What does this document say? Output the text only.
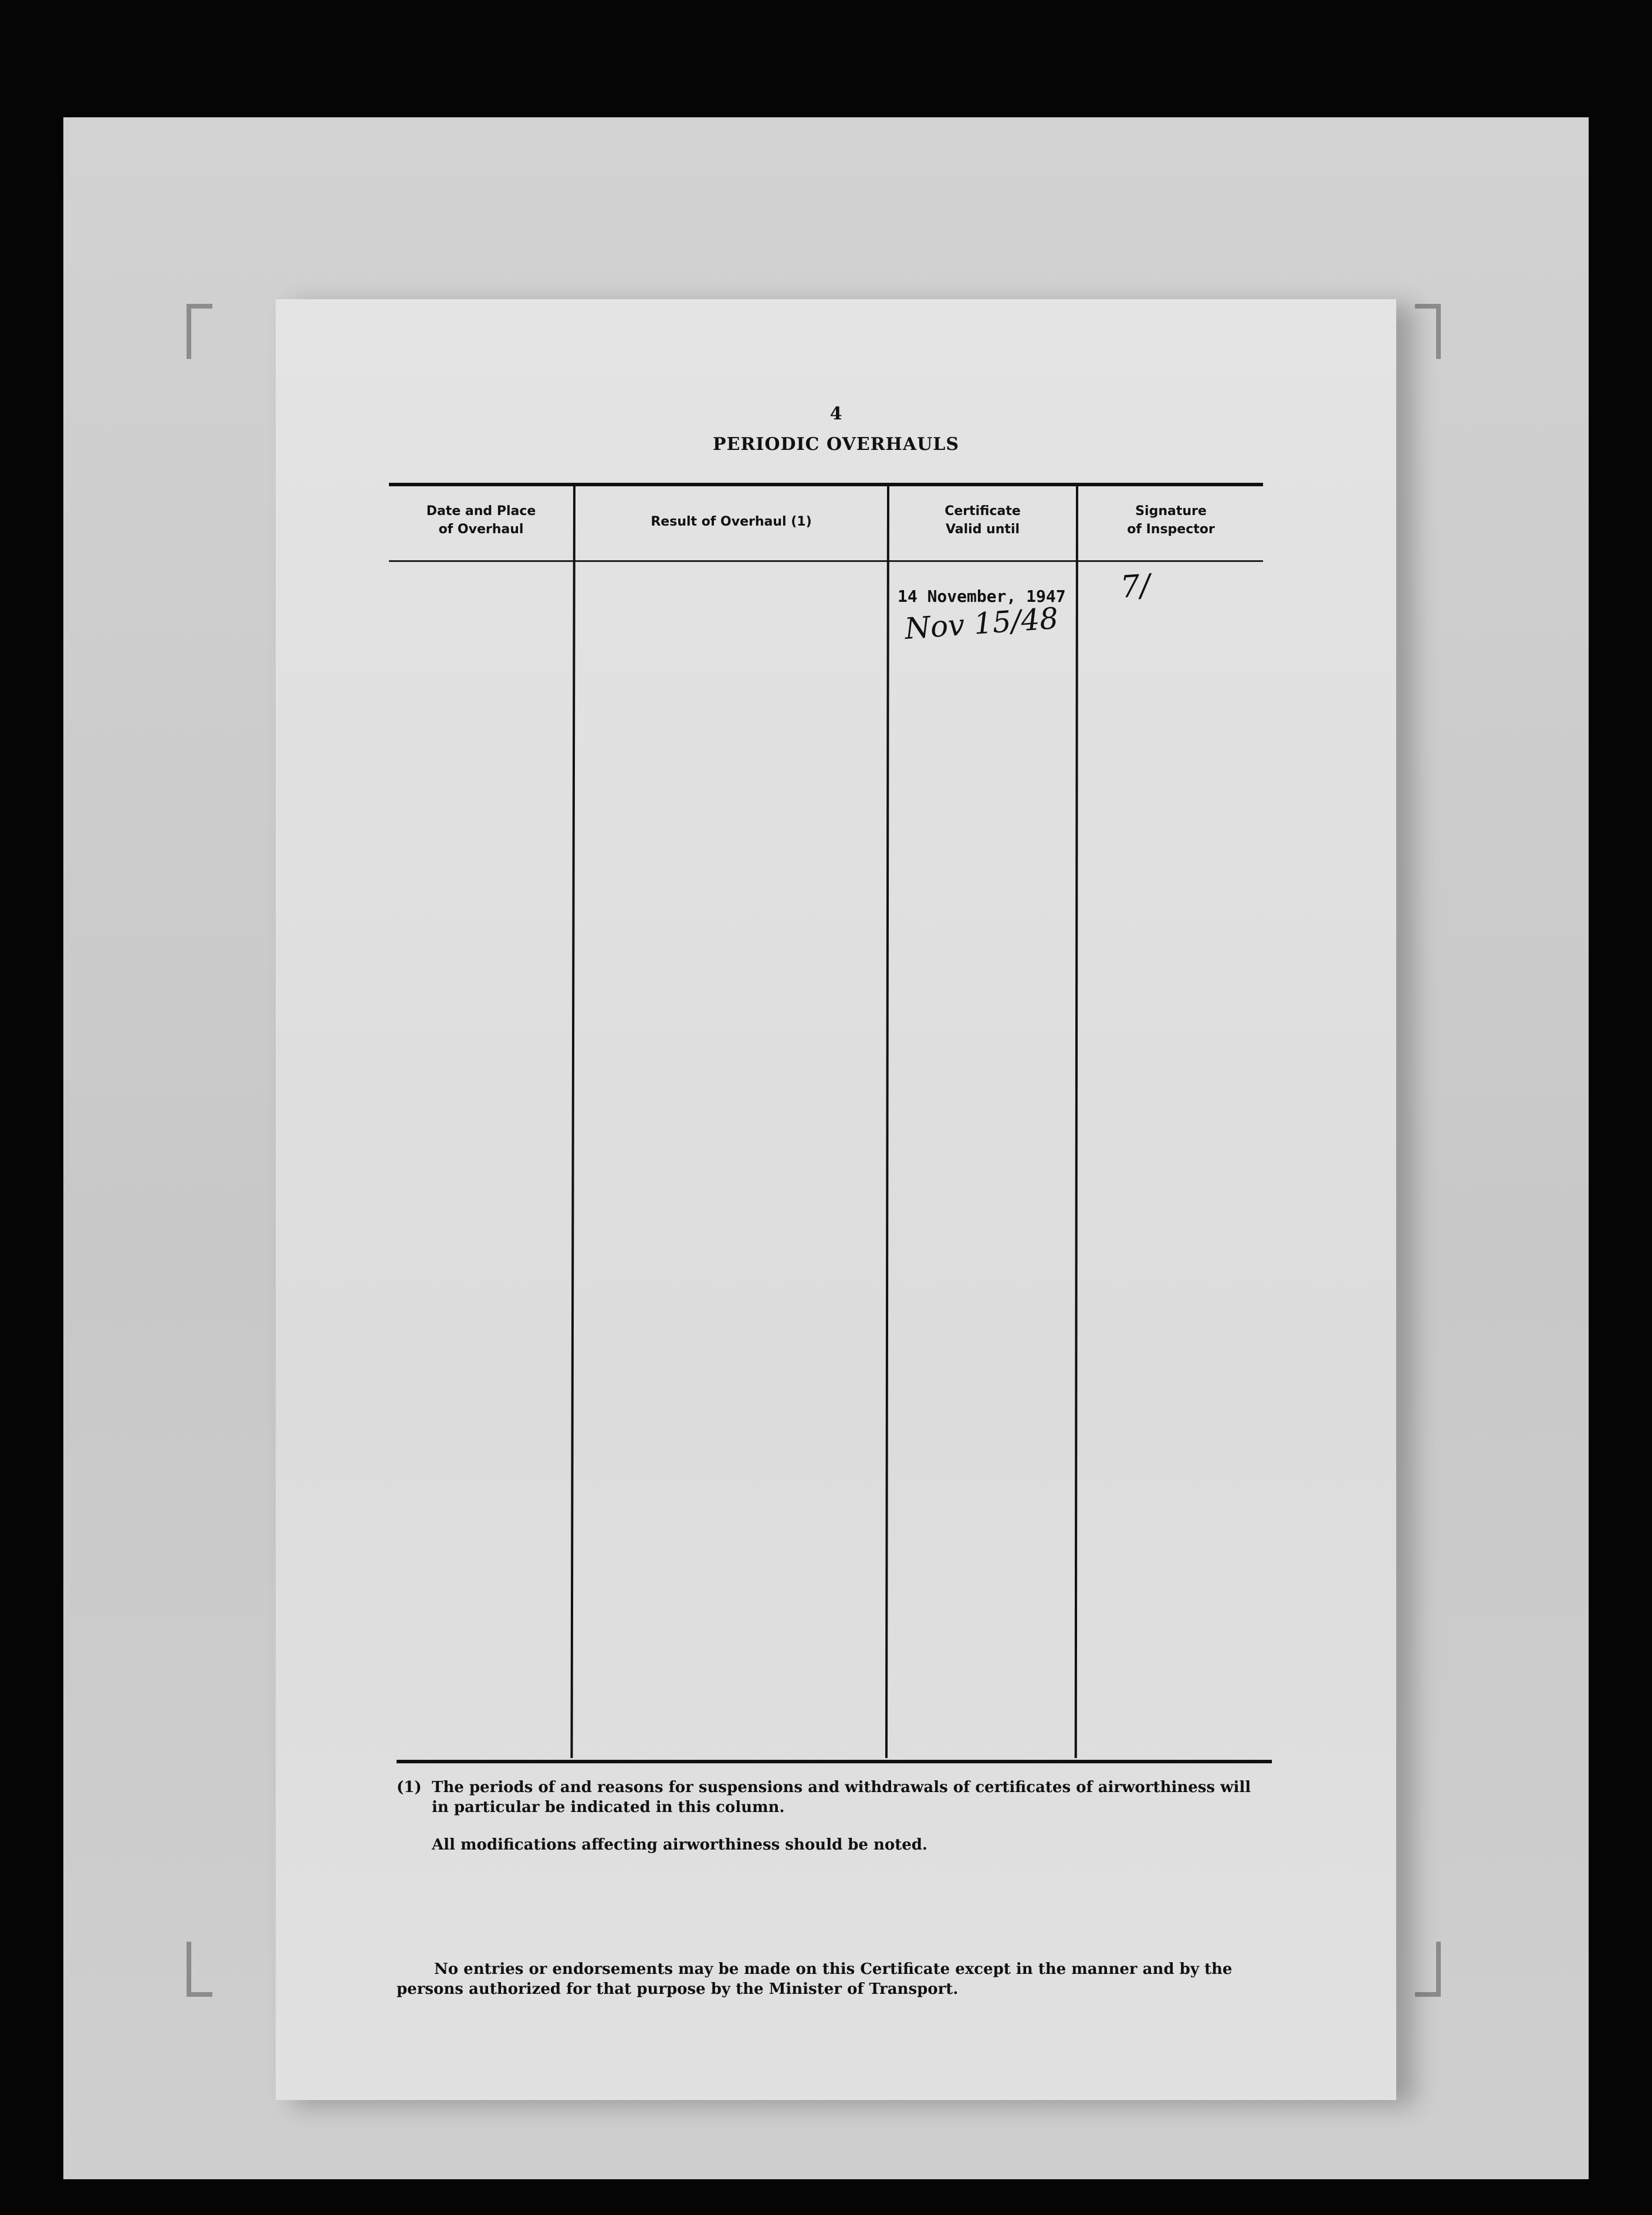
4
PERIODIC OVERHAULS
Date and Place
of Overhaul
Result of Overhaul (1)
Certificate
Valid until
Signature
of Inspector
14 November, 1947
Nov 15/48
7/
(1) The periods of and reasons for suspensions and withdrawals of certificates of airworthiness will in particular be indicated in this column.

All modifications affecting airworthiness should be noted.

No entries or endorsements may be made on this Certificate except in the manner and by the persons authorized for that purpose by the Minister of Transport.
